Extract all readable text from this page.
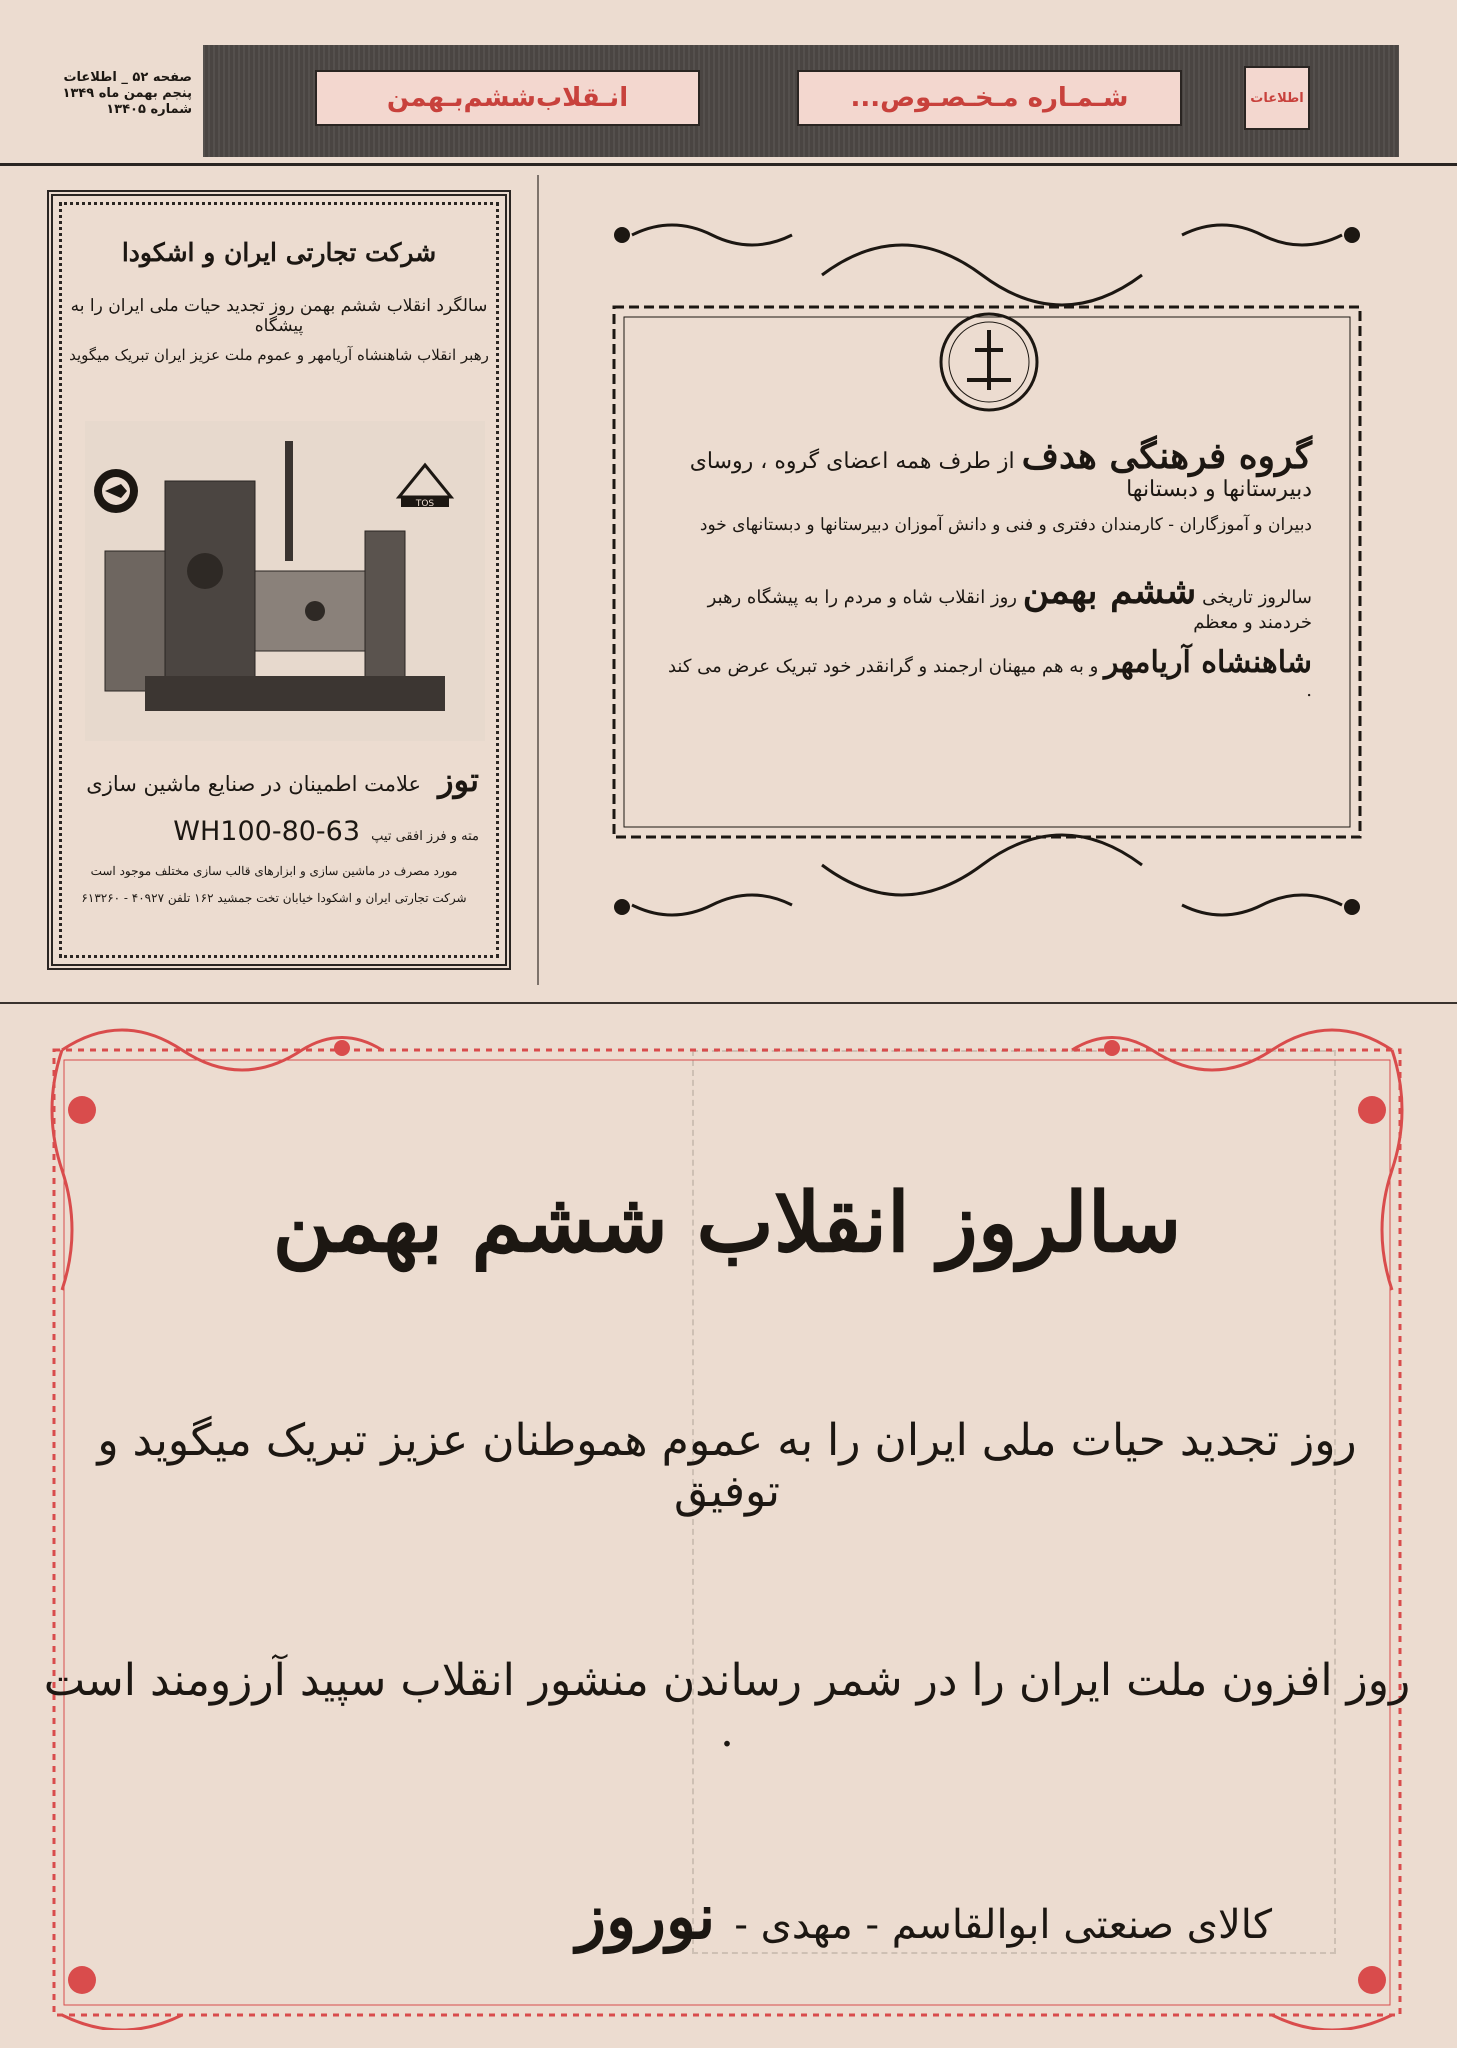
صفحه ۵۲ _ اطلاعات
پنجم بهمن ماه ۱۳۴۹
شماره ۱۳۴۰۵	انـقلاب‌ششم‌بـهمن	شـمـاره مـخـصـوص...	اطلاعات
شرکت تجارتی ایران و اشکودا
سالگرد انقلاب ششم بهمن روز تجدید حیات ملی ایران را به پیشگاه
رهبر انقلاب شاهنشاه آریامهر و عموم ملت عزیز ایران تبریک میگوید
TOS
توز علامت اطمینان در صنایع ماشین سازی
مته و فرز افقی تیپ WH100-80-63
مورد مصرف در ماشین سازی و ابزارهای قالب سازی مختلف موجود است
شرکت تجارتی ایران و اشکودا خیابان تخت جمشید ۱۶۲ تلفن ۴۰۹۲۷ - ۶۱۳۲۶۰
گروه فرهنگی هدف از طرف همه اعضای گروه ، روسای دبیرستانها و دبستانها
دبیران و آموزگاران - کارمندان دفتری و فنی و دانش آموزان دبیرستانها و دبستانهای خود
سالروز تاریخی ششم بهمن روز انقلاب شاه و مردم را به پیشگاه رهبر خردمند و معظم
شاهنشاه آریامهر و به هم میهنان ارجمند و گرانقدر خود تبریک عرض می کند .
سالروز انقلاب ششم بهمن
روز تجدید حیات ملی ایران را به عموم هموطنان عزیز تبریک میگوید و توفیق
روز افزون ملت ایران را در شمر رساندن منشور انقلاب سپید آرزومند است .
کالای صنعتی ابوالقاسم - مهدی - نوروز
